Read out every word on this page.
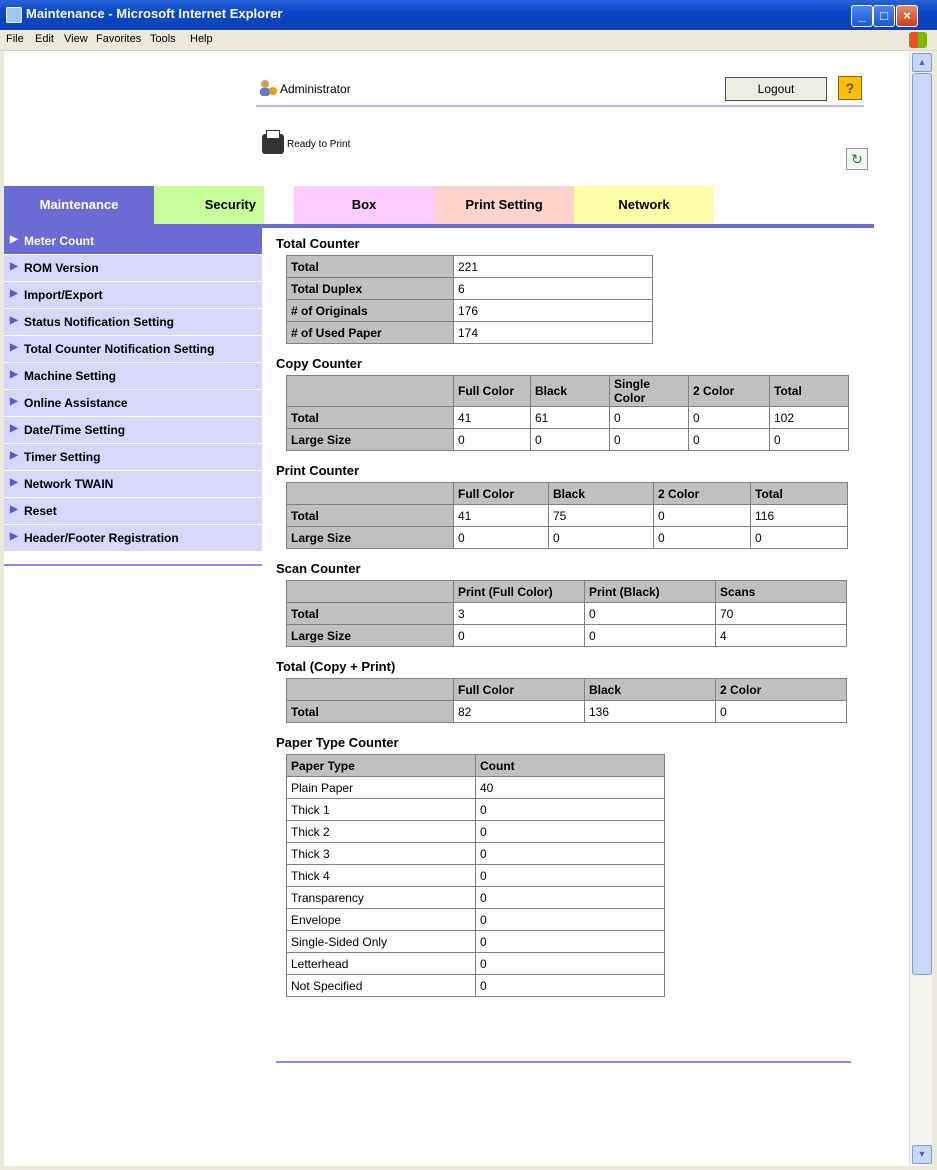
Maintenance - Microsoft Internet Explorer	_	□	×
File Edit View Favorites Tools Help
Administrator	Logout	?
Ready to Print
↻
Maintenance	Security	Box	Print Setting	Network
▶ Meter Count
▶ ROM Version
▶ Import/Export
▶ Status Notification Setting
▶ Total Counter Notification Setting
▶ Machine Setting
▶ Online Assistance
▶ Date/Time Setting
▶ Timer Setting
▶ Network TWAIN
▶ Reset
▶ Header/Footer Registration
Total Counter
Total	221
Total Duplex	6
# of Originals	176
# of Used Paper	174
Copy Counter
	Full Color	Black	Single Color	2 Color	Total
Total	41	61	0	0	102
Large Size	0	0	0	0	0
Print Counter
	Full Color	Black	2 Color	Total
Total	41	75	0	116
Large Size	0	0	0	0
Scan Counter
	Print (Full Color)	Print (Black)	Scans
Total	3	0	70
Large Size	0	0	4
Total (Copy + Print)
	Full Color	Black	2 Color
Total	82	136	0
Paper Type Counter
Paper Type	Count
Plain Paper	40
Thick 1	0
Thick 2	0
Thick 3	0
Thick 4	0
Transparency	0
Envelope	0
Single-Sided Only	0
Letterhead	0
Not Specified	0
▲
▼
